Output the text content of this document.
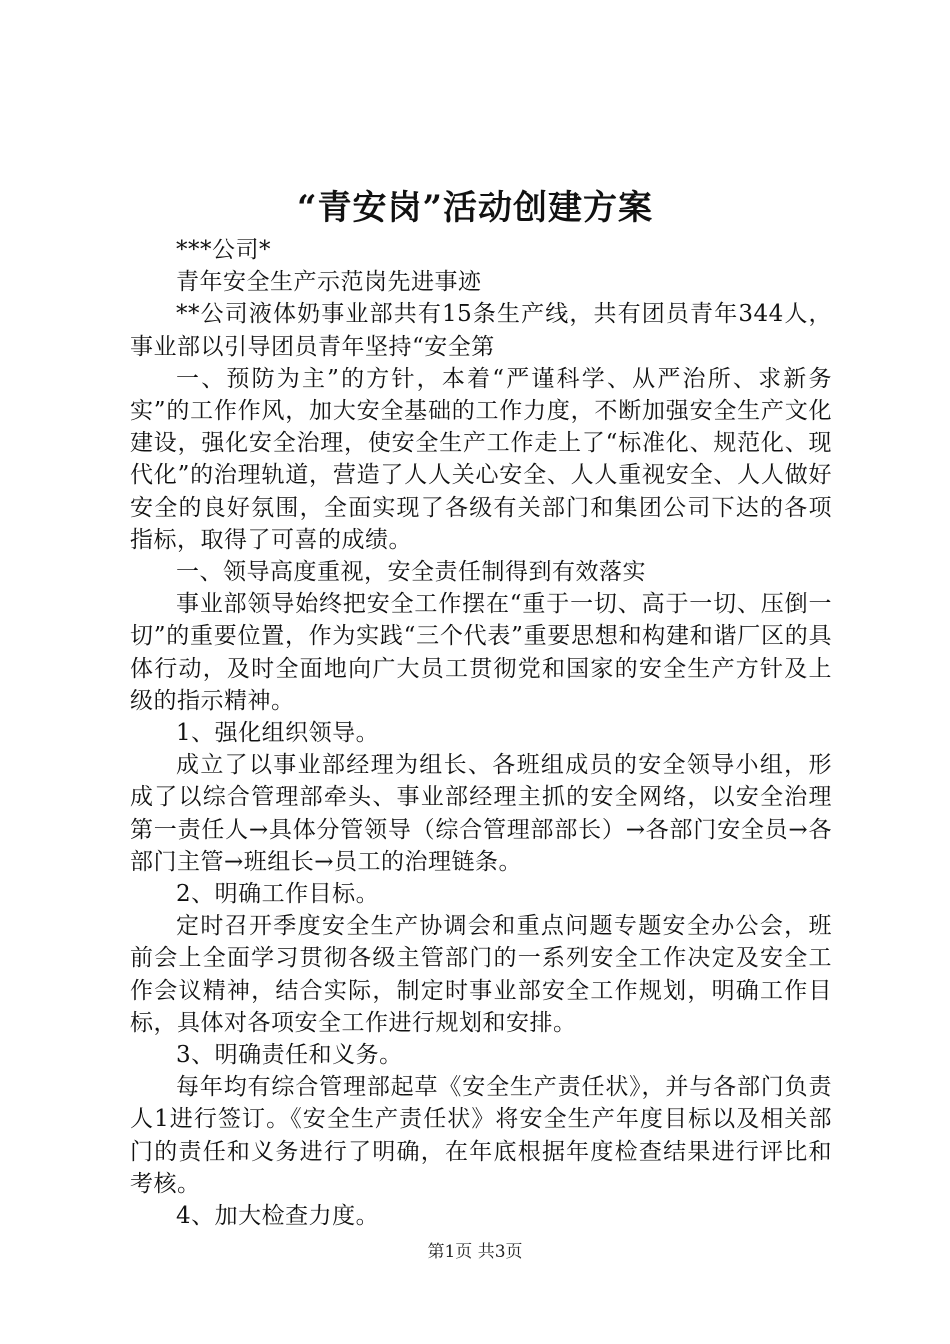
“青安岗”活动创建方案

***公司*

青年安全生产示范岗先进事迹

**公司液体奶事业部共有15条生产线，共有团员青年344人，事业部以引导团员青年坚持“安全第

一、预防为主”的方针，本着“严谨科学、从严治所、求新务实”的工作作风，加大安全基础的工作力度，不断加强安全生产文化建设，强化安全治理，使安全生产工作走上了“标准化、规范化、现代化”的治理轨道，营造了人人关心安全、人人重视安全、人人做好安全的良好氛围，全面实现了各级有关部门和集团公司下达的各项指标，取得了可喜的成绩。

一、领导高度重视，安全责任制得到有效落实

事业部领导始终把安全工作摆在“重于一切、高于一切、压倒一切”的重要位置，作为实践“三个代表”重要思想和构建和谐厂区的具体行动，及时全面地向广大员工贯彻党和国家的安全生产方针及上级的指示精神。

1、强化组织领导。

成立了以事业部经理为组长、各班组成员的安全领导小组，形成了以综合管理部牵头、事业部经理主抓的安全网络，以安全治理第一责任人→具体分管领导（综合管理部部长）→各部门安全员→各部门主管→班组长→员工的治理链条。

2、明确工作目标。

定时召开季度安全生产协调会和重点问题专题安全办公会，班前会上全面学习贯彻各级主管部门的一系列安全工作决定及安全工作会议精神，结合实际，制定时事业部安全工作规划，明确工作目标，具体对各项安全工作进行规划和安排。

3、明确责任和义务。

每年均有综合管理部起草《安全生产责任状》，并与各部门负责人1进行签订。《安全生产责任状》将安全生产年度目标以及相关部门的责任和义务进行了明确，在年底根据年度检查结果进行评比和考核。

4、加大检查力度。

第1页 共3页
